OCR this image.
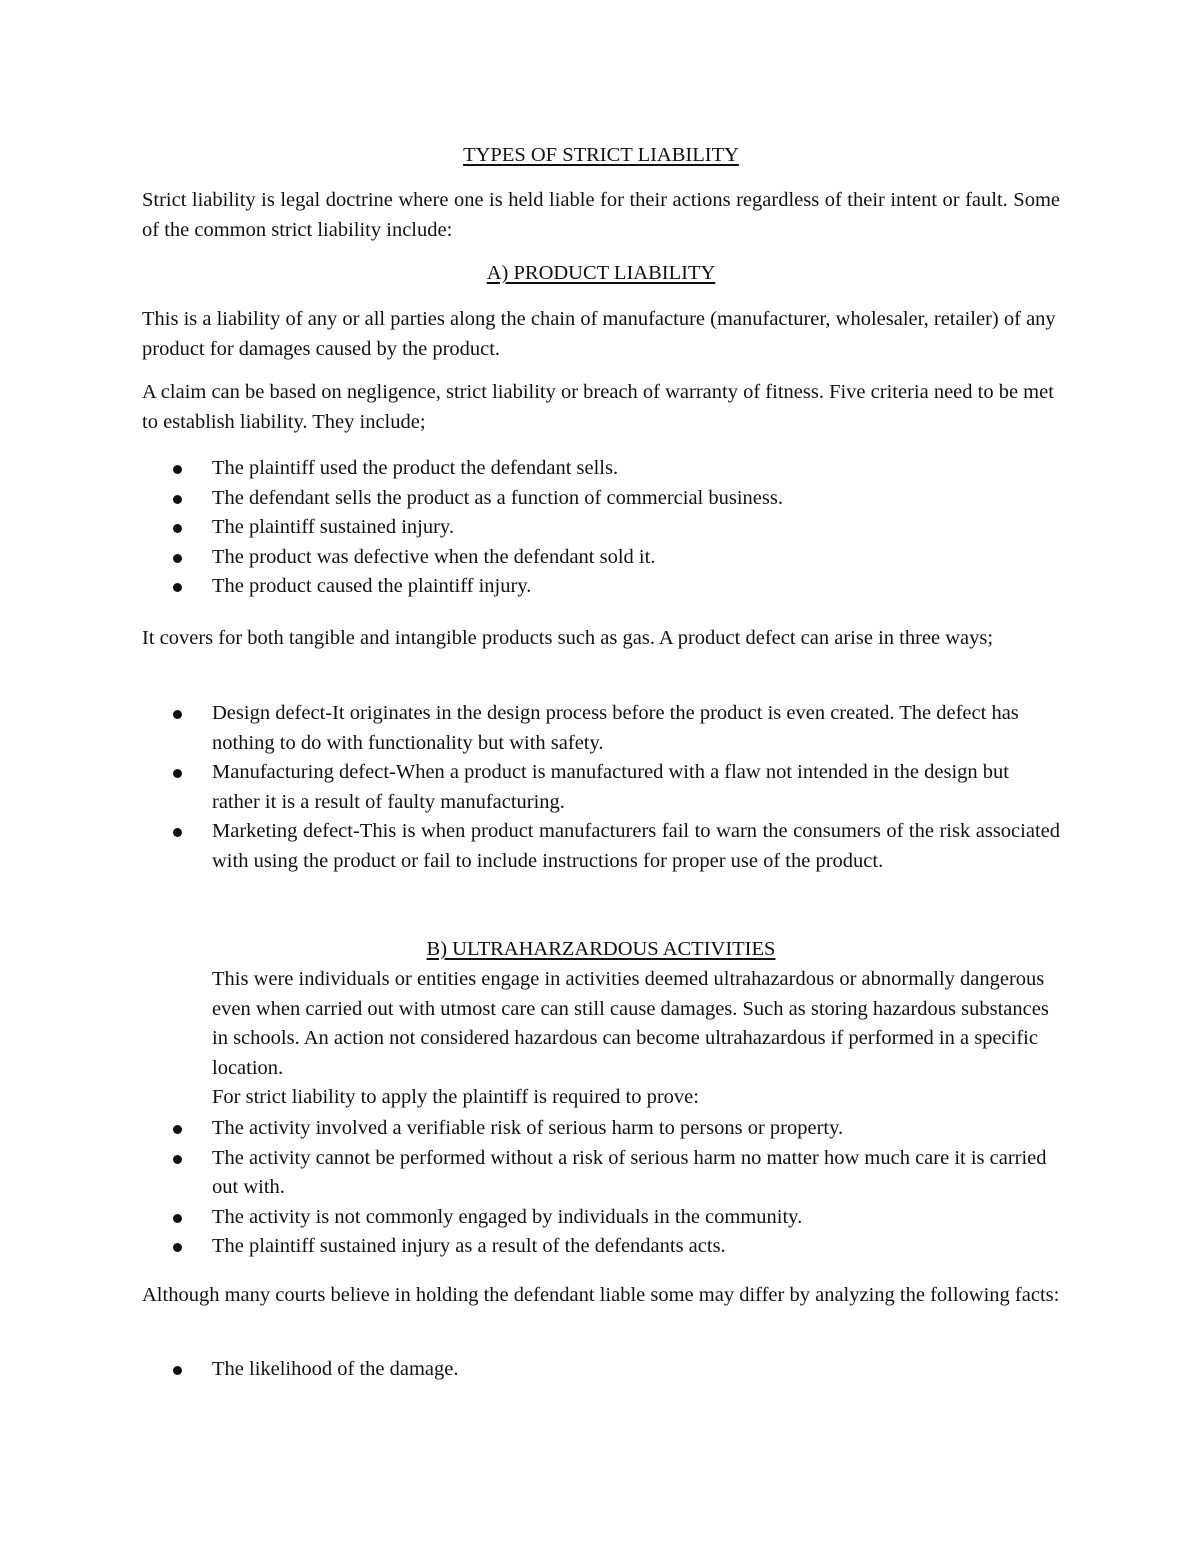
TYPES OF STRICT LIABILITY

Strict liability is legal doctrine where one is held liable for their actions regardless of their intent or fault. Some of the common strict liability include:

A) PRODUCT LIABILITY

This is a liability of any or all parties along the chain of manufacture (manufacturer, wholesaler, retailer) of any product for damages caused by the product.

A claim can be based on negligence, strict liability or breach of warranty of fitness. Five criteria need to be met to establish liability. They include;

The plaintiff used the product the defendant sells.
The defendant sells the product as a function of commercial business.
The plaintiff sustained injury.
The product was defective when the defendant sold it.
The product caused the plaintiff injury.

It covers for both tangible and intangible products such as gas. A product defect can arise in three ways;

Design defect-It originates in the design process before the product is even created. The defect has nothing to do with functionality but with safety.
Manufacturing defect-When a product is manufactured with a flaw not intended in the design but rather it is a result of faulty manufacturing.
Marketing defect-This is when product manufacturers fail to warn the consumers of the risk associated with using the product or fail to include instructions for proper use of the product.
B) ULTRAHARZARDOUS ACTIVITIES

This were individuals or entities engage in activities deemed ultrahazardous or abnormally dangerous even when carried out with utmost care can still cause damages. Such as storing hazardous substances in schools. An action not considered hazardous can become ultrahazardous if performed in a specific location.

For strict liability to apply the plaintiff is required to prove:

The activity involved a verifiable risk of serious harm to persons or property.
The activity cannot be performed without a risk of serious harm no matter how much care it is carried out with.
The activity is not commonly engaged by individuals in the community.
The plaintiff sustained injury as a result of the defendants acts.

Although many courts believe in holding the defendant liable some may differ by analyzing the following facts:

The likelihood of the damage.
